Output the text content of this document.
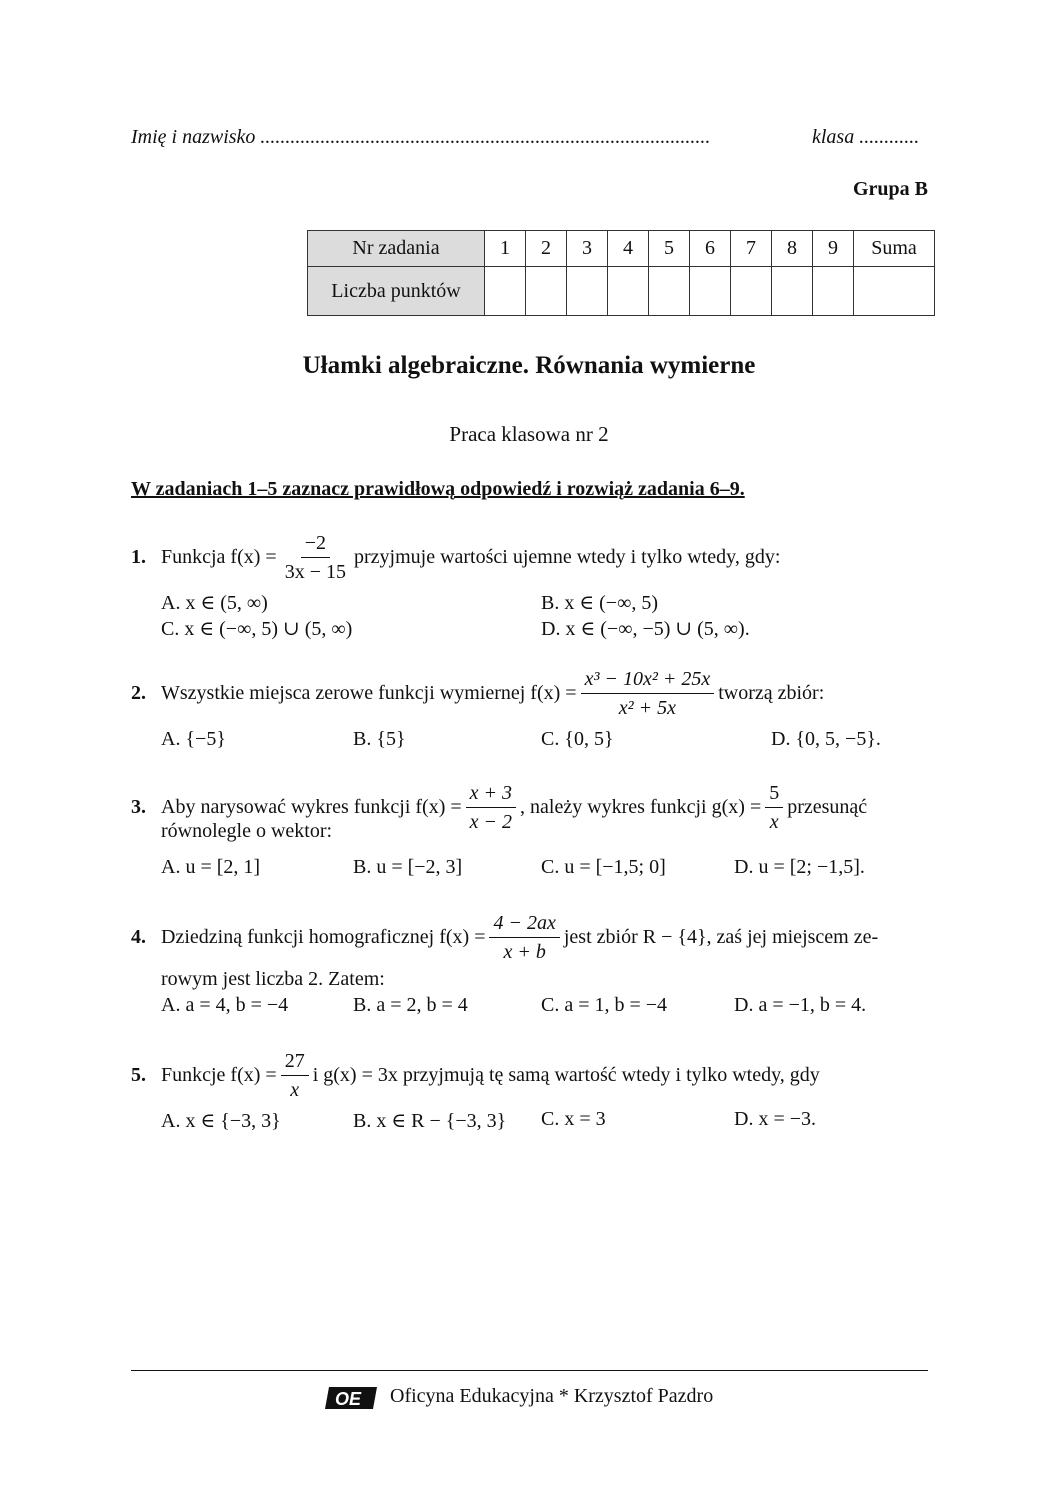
Imię i nazwisko ..........................................................................................	klasa ............
Grupa B
Nr zadania	1	2	3	4	5	6	7	8	9	Suma
Liczba punktów										
Ułamki algebraiczne. Równania wymierne
Praca klasowa nr 2
W zadaniach 1–5 zaznacz prawidłową odpowiedź i rozwiąż zadania 6–9.
1. Funkcja $f(x) = \frac{-2}{3x - 15}$ przyjmuje wartości ujemne wtedy i tylko wtedy, gdy:
A. x ∈ (5, ∞)	B. x ∈ (−∞, 5)
C. x ∈ (−∞, 5) ∪ (5, ∞)	D. x ∈ (−∞, −5) ∪ (5, ∞).
2. Wszystkie miejsca zerowe funkcji wymiernej $f(x) = \frac{\text{x³ − 10x² + 25x}}{\text{x² + 5x}}$ tworzą zbiór:
A. {−5}	B. {5}	C. {0, 5}	D. {0, 5, −5}.
3. Aby narysować wykres funkcji $f(x) = \frac{x + 3}{x - 2}$ , należy wykres funkcji $g(x) = \frac{5}{x}$ przesunąć
równolegle o wektor:
A. u = [2, 1]	B. u = [−2, 3]	C. u = [−1,5; 0]	D. u = [2; −1,5].
4. Dziedziną funkcji homograficznej $f(x) = \frac{4 - 2ax}{x + b}$ jest zbiór R − {4}, zaś jej miejscem ze-
rowym jest liczba 2. Zatem:
A. a = 4, b = −4	B. a = 2, b = 4	C. a = 1, b = −4	D. a = −1, b = 4.
5. Funkcje $f(x) = \frac{27}{x}$ i g(x) = 3x przyjmują tę samą wartość wtedy i tylko wtedy, gdy
A. x ∈ {−3, 3}	B. x ∈ R − {−3, 3} C. x = 3	D. x = −3.
OE Oficyna Edukacyjna * Krzysztof Pazdro
